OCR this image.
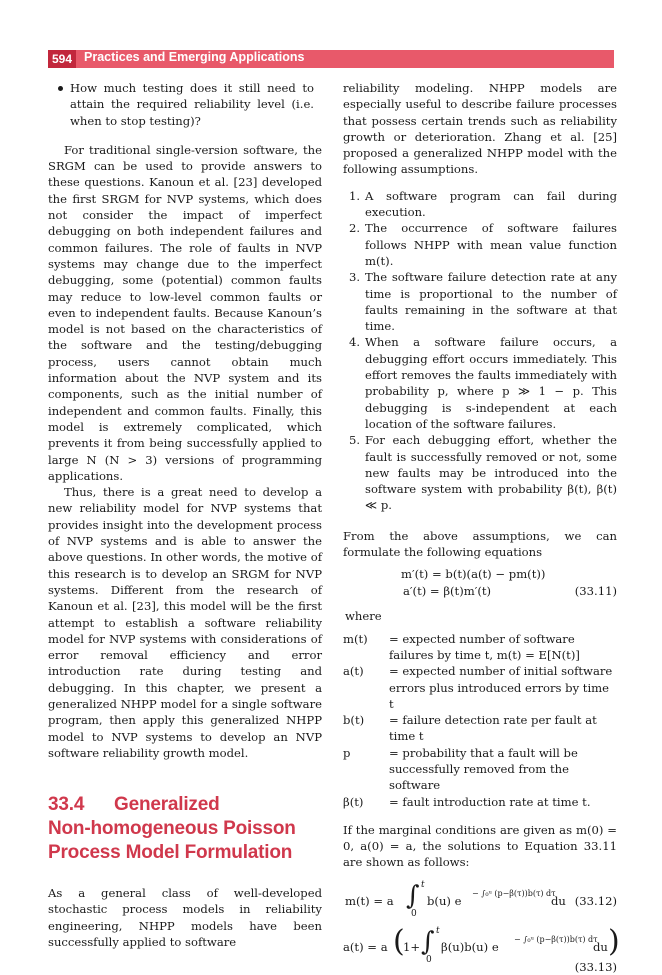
594 Practices and Emerging Applications
How much testing does it still need to attain the required reliability level (i.e. when to stop testing)?

For traditional single-version software, the SRGM can be used to provide answers to these questions. Kanoun et al. [23] developed the first SRGM for NVP systems, which does not consider the impact of imperfect debugging on both independent failures and common failures. The role of faults in NVP systems may change due to the imperfect debugging, some (potential) common faults may reduce to low-level common faults or even to independent faults. Because Kanoun’s model is not based on the characteristics of the software and the testing/debugging process, users cannot obtain much information about the NVP system and its components, such as the initial number of independent and common faults. Finally, this model is extremely complicated, which prevents it from being successfully applied to large N (N > 3) versions of programming applications.

Thus, there is a great need to develop a new reliability model for NVP systems that provides insight into the development process of NVP systems and is able to answer the above questions. In other words, the motive of this research is to develop an SRGM for NVP systems. Different from the research of Kanoun et al. [23], this model will be the first attempt to establish a software reliability model for NVP systems with considerations of error removal efficiency and error introduction rate during testing and debugging. In this chapter, we present a generalized NHPP model for a single software program, then apply this generalized NHPP model to NVP systems to develop an NVP software reliability growth model.

33.4 Generalized
Non-homogeneous Poisson
Process Model Formulation

As a general class of well-developed stochastic process models in reliability engineering, NHPP models have been successfully applied to software

reliability modeling. NHPP models are especially useful to describe failure processes that possess certain trends such as reliability growth or deterioration. Zhang et al. [25] proposed a generalized NHPP model with the following assumptions.

1. A software program can fail during execution.
2. The occurrence of software failures follows NHPP with mean value function m(t).
3. The software failure detection rate at any time is proportional to the number of faults remaining in the software at that time.
4. When a software failure occurs, a debugging effort occurs immediately. This effort removes the faults immediately with probability p, where p ≫ 1 − p. This debugging is s-independent at each location of the software failures.
5. For each debugging effort, whether the fault is successfully removed or not, some new faults may be introduced into the software system with probability β(t), β(t) ≪ p.

From the above assumptions, we can formulate the following equations

m′(t) = b(t)(a(t) − pm(t))
a′(t) = β(t)m′(t)	(33.11)
where
m(t) = expected number of software failures by time t, m(t) = E[N(t)]
a(t) = expected number of initial software errors plus introduced errors by time t
b(t) = failure detection rate per fault at time t
p	= probability that a fault will be successfully removed from the software
β(t) = fault introduction rate at time t.

If the marginal conditions are given as m(0) = 0, a(0) = a, the solutions to Equation 33.11 are shown as follows:

m(t) = a ∫ t
0
b(u) e
− ∫₀ᵘ (p−β(τ))b(τ) dτ
du (33.12)
a(t) = a (
1+ ∫ t
0
β(u)b(u) e
− ∫₀ᵘ (p−β(τ))b(τ) dτ
du )
(33.13)
